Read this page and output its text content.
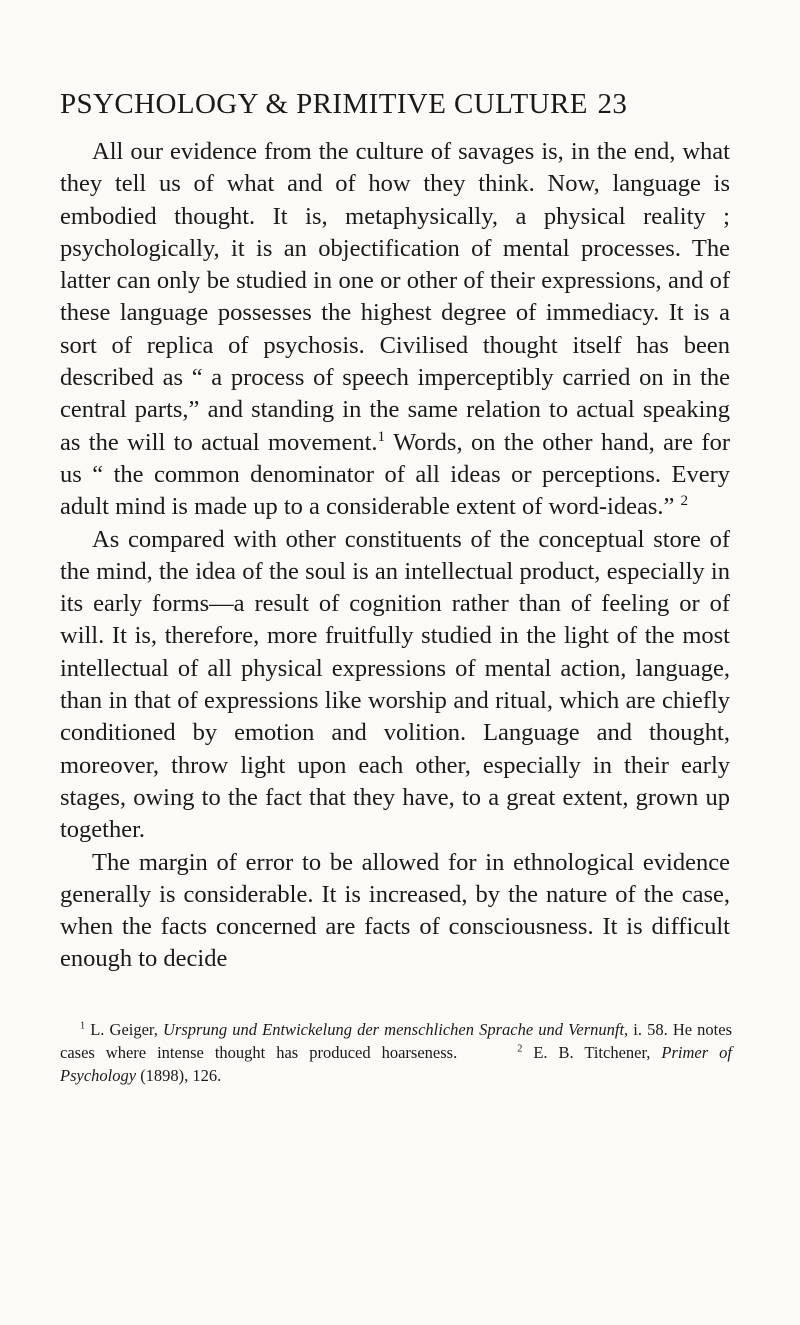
PSYCHOLOGY & PRIMITIVE CULTURE 23

All our evidence from the culture of savages is, in the end, what they tell us of what and of how they think. Now, language is embodied thought. It is, metaphysically, a physical reality ; psychologically, it is an objectification of mental processes. The latter can only be studied in one or other of their expressions, and of these language possesses the highest degree of immediacy. It is a sort of replica of psychosis. Civilised thought itself has been described as “ a process of speech imperceptibly carried on in the central parts,” and standing in the same relation to actual speaking as the will to actual movement.$^1$ Words, on the other hand, are for us “ the common denominator of all ideas or perceptions. Every adult mind is made up to a considerable extent of word-ideas.” $^2$

As compared with other constituents of the conceptual store of the mind, the idea of the soul is an intellectual product, especially in its early forms—a result of cognition rather than of feeling or of will. It is, therefore, more fruitfully studied in the light of the most intellectual of all physical expressions of mental action, language, than in that of expressions like worship and ritual, which are chiefly conditioned by emotion and volition. Language and thought, moreover, throw light upon each other, especially in their early stages, owing to the fact that they have, to a great extent, grown up together.

The margin of error to be allowed for in ethnological evidence generally is considerable. It is increased, by the nature of the case, when the facts concerned are facts of consciousness. It is difficult enough to decide

$^1$ L. Geiger, Ursprung und Entwickelung der menschlichen Sprache und Vernunft, i. 58. He notes cases where intense thought has produced hoarseness.	$^2$ E. B. Titchener, Primer of Psychology (1898), 126.
